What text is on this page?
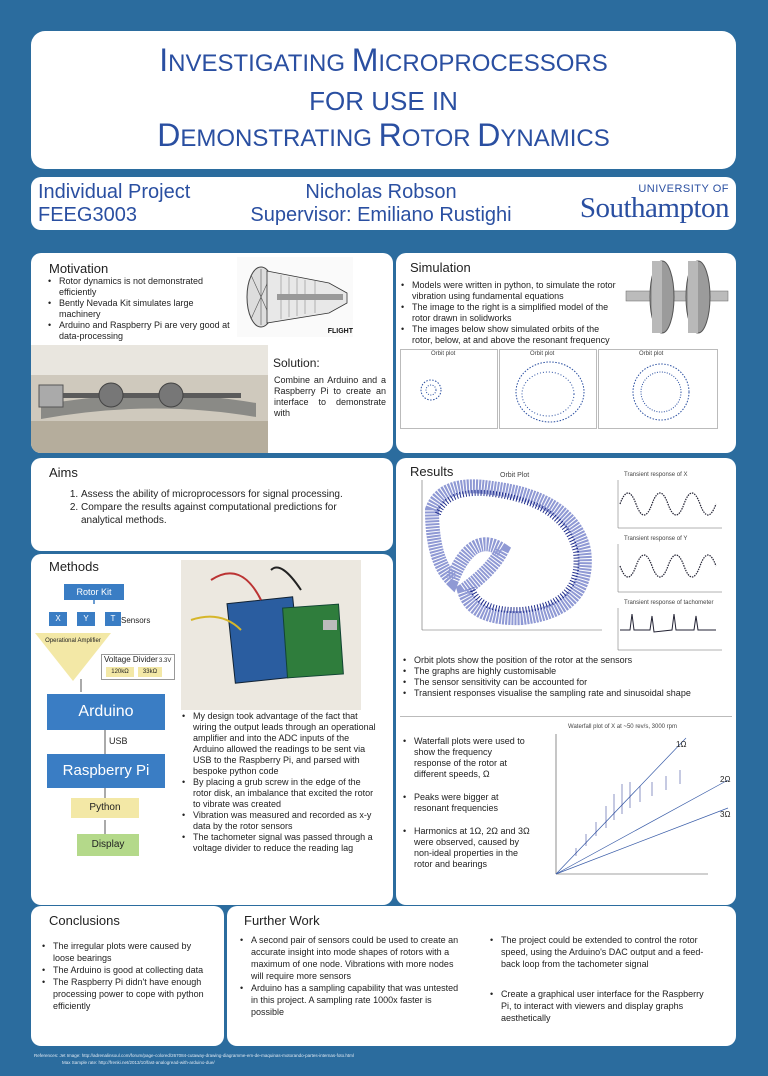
INVESTIGATING MICROPROCESSORS
FOR USE IN
DEMONSTRATING ROTOR DYNAMICS
Individual Project
FEEG3003
Nicholas Robson
Supervisor: Emiliano Rustighi
UNIVERSITY OF
Southampton
Motivation
• Rotor dynamics is not demonstrated efficiently
• Bently Nevada Kit simulates large machinery
• Arduino and Raspberry Pi are very good at data-processing	FLIGHT
Solution:
Combine an Arduino and a Raspberry Pi to create an interface to demonstrate with
Simulation
• Models were written in python, to simulate the rotor vibration using fundamental equations
• The image to the right is a simplified model of the rotor drawn in solidworks
• The images below show simulated orbits of the rotor, below, at and above the resonant frequency
Orbit plot	Orbit plot	Orbit plot
Aims
1. Assess the ability of microprocessors for signal processing.
2. Compare the results against computational predictions for analytical methods.
Results	Orbit Plot	Transient response of X
Transient response of Y
Transient response of tachometer
• Orbit plots show the position of the rotor at the sensors
• The graphs are highly customisable
• The sensor sensitivity can be accounted for
• Transient responses visualise the sampling rate and sinusoidal shape
• Waterfall plots were used to show the frequency response of the rotor at different speeds, Ω
• Peaks were bigger at resonant frequencies
• Harmonics at 1Ω, 2Ω and 3Ω were observed, caused by non-ideal properties in the rotor and bearings
Waterfall plot of X at ~50 rev/s, 3000 rpm
1Ω
2Ω
3Ω
Methods
Rotor Kit
X	Y	T Sensors
Operational Amplifier
Voltage Divider
120kΩ	33kΩ
3.3V
Arduino
USB
Raspberry Pi
Python
Display
• My design took advantage of the fact that wiring the output leads through an operational amplifier and into the ADC inputs of the Arduino allowed the readings to be sent via USB to the Raspberry Pi, and parsed with bespoke python code
• By placing a grub screw in the edge of the rotor disk, an imbalance that excited the rotor to vibrate was created
• Vibration was measured and recorded as x-y data by the rotor sensors
• The tachometer signal was passed through a voltage divider to reduce the reading lag
Conclusions
• The irregular plots were caused by loose bearings
• The Arduino is good at collecting data
• The Raspberry Pi didn't have enough processing power to cope with python efficiently
Further Work
• A second pair of sensors could be used to create an accurate insight into mode shapes of rotors with a maximum of one node. Vibrations with more nodes will require more sensors
• Arduino has a sampling capability that was untested in this project. A sampling rate 1000x faster is possible
• The project could be extended to control the rotor speed, using the Arduino's DAC output and a feed-back loop from the tachometer signal
• Create a graphical user interface for the Raspberry Pi, to interact with viewers and display graphs aesthetically
References: Jet Image: http://adrenalinsoul.com/forum/page-colored/267084-cutaway-drawing-diagramme-em-de-maquinas-motorando-partes-internas-foto.html
Max Sample rate: http://frenki.net/2013/10/fast-analogread-with-arduino-due/
